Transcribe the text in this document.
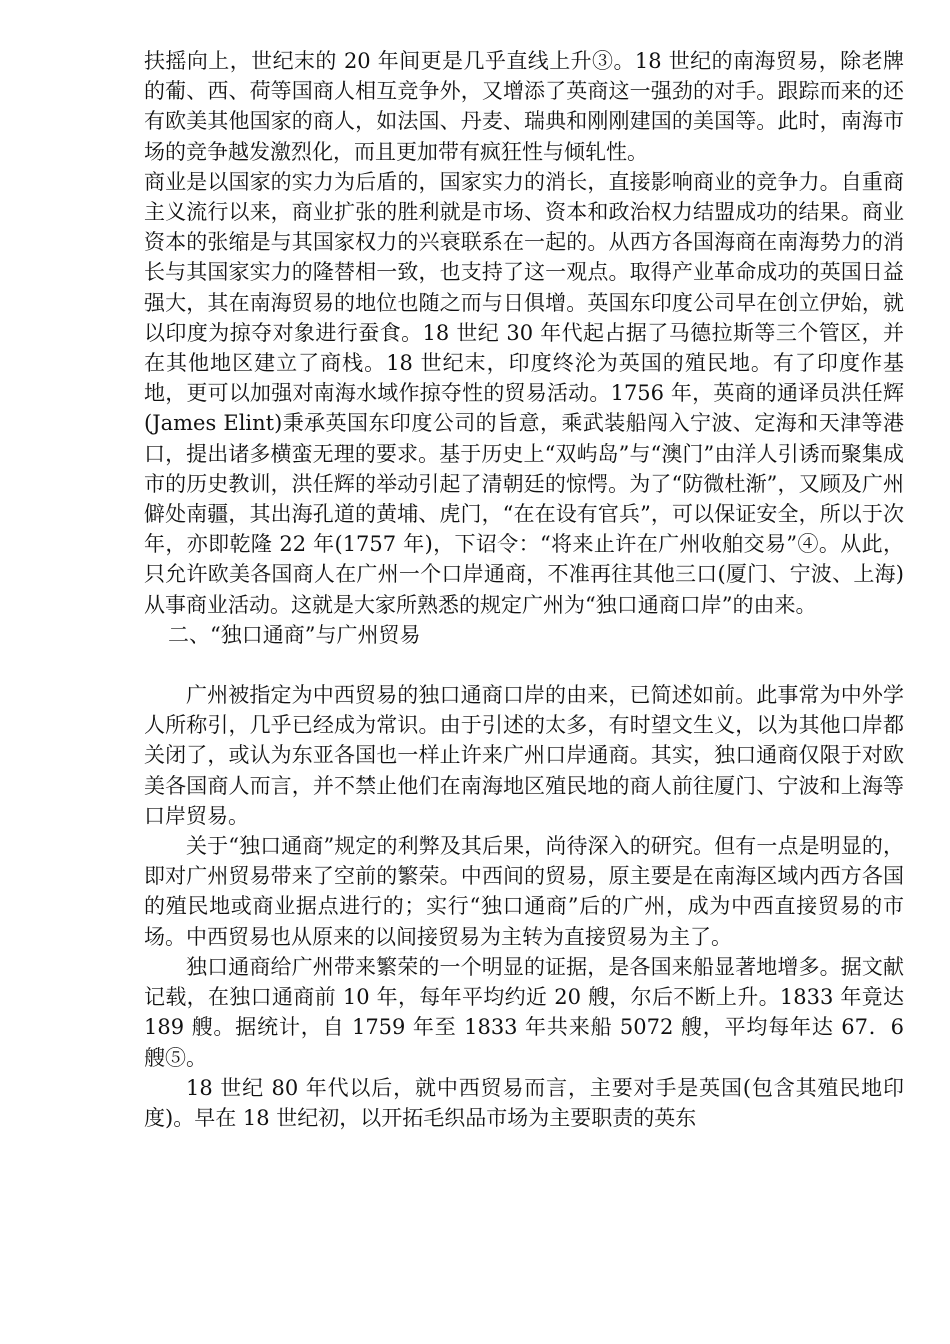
扶摇向上，世纪末的 20 年间更是几乎直线上升③。18 世纪的南海贸易，除老牌的葡、西、荷等国商人相互竞争外，又增添了英商这一强劲的对手。跟踪而来的还有欧美其他国家的商人，如法国、丹麦、瑞典和刚刚建国的美国等。此时，南海市场的竞争越发激烈化，而且更加带有疯狂性与倾轧性。

商业是以国家的实力为后盾的，国家实力的消长，直接影响商业的竞争力。自重商主义流行以来，商业扩张的胜利就是市场、资本和政治权力结盟成功的结果。商业资本的张缩是与其国家权力的兴衰联系在一起的。从西方各国海商在南海势力的消长与其国家实力的隆替相一致，也支持了这一观点。取得产业革命成功的英国日益强大，其在南海贸易的地位也随之而与日俱增。英国东印度公司早在创立伊始，就以印度为掠夺对象进行蚕食。18 世纪 30 年代起占据了马德拉斯等三个管区，并在其他地区建立了商栈。18 世纪末，印度终沦为英国的殖民地。有了印度作基地，更可以加强对南海水域作掠夺性的贸易活动。1756 年，英商的通译员洪任辉(James Elint)秉承英国东印度公司的旨意，乘武装船闯入宁波、定海和天津等港口，提出诸多横蛮无理的要求。基于历史上“双屿岛”与“澳门”由洋人引诱而聚集成市的历史教训，洪任辉的举动引起了清朝廷的惊愕。为了“防微杜渐”，又顾及广州僻处南疆，其出海孔道的黄埔、虎门，“在在设有官兵”，可以保证安全，所以于次年，亦即乾隆 22 年(1757 年)，下诏令：“将来止许在广州收舶交易”④。从此，只允许欧美各国商人在广州一个口岸通商，不准再往其他三口(厦门、宁波、上海)从事商业活动。这就是大家所熟悉的规定广州为“独口通商口岸”的由来。

二、“独口通商”与广州贸易

广州被指定为中西贸易的独口通商口岸的由来，已简述如前。此事常为中外学人所称引，几乎已经成为常识。由于引述的太多，有时望文生义，以为其他口岸都关闭了，或认为东亚各国也一样止许来广州口岸通商。其实，独口通商仅限于对欧美各国商人而言，并不禁止他们在南海地区殖民地的商人前往厦门、宁波和上海等口岸贸易。

关于“独口通商”规定的利弊及其后果，尚待深入的研究。但有一点是明显的，即对广州贸易带来了空前的繁荣。中西间的贸易，原主要是在南海区域内西方各国的殖民地或商业据点进行的；实行“独口通商”后的广州，成为中西直接贸易的市场。中西贸易也从原来的以间接贸易为主转为直接贸易为主了。

独口通商给广州带来繁荣的一个明显的证据，是各国来船显著地增多。据文献记载，在独口通商前 10 年，每年平均约近 20 艘，尔后不断上升。1833 年竟达 189 艘。据统计，自 1759 年至 1833 年共来船 5072 艘，平均每年达 67．6 艘⑤。

18 世纪 80 年代以后，就中西贸易而言，主要对手是英国(包含其殖民地印度)。早在 18 世纪初，以开拓毛织品市场为主要职责的英东
